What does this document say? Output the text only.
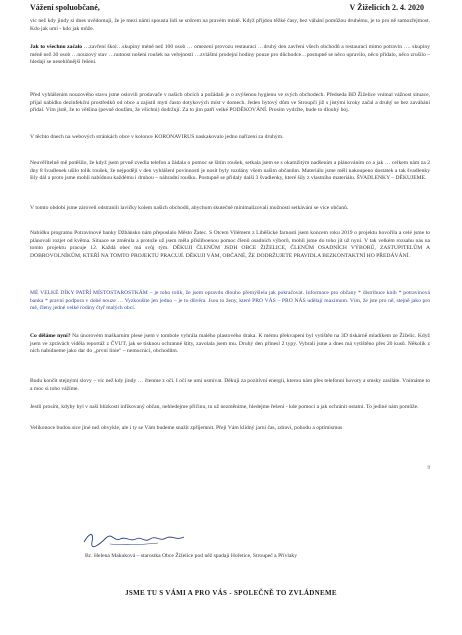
Vážení spoluobčané,	V Žiželicích 2. 4. 2020
víc než kdy jindy si dnes uvědomuji, že je mezi námi spousta lidí se srdcem na pravém místě. Když přijdou těžké časy, bez váhání pomůžou druhému, je to pro ně samozřejmost. Kdo jak umí - kdo jak může.
Jak to všechno začalo …zavření škol…skupiny méně než 100 osob … omezení provozu restaurací …druhý den zavření všech obchodů a restaurací mimo potravin …. skupiny méně než 30 osob …nouzový stav …nutnost nošení roušek na veřejnosti …zvláštní prodejní hodiny pouze pro důchodce…postupně se něco upravilo, něco přidalo, něco zrušilo – hledají se nesehlůnější řešení.
Před vyhlášením nouzového stavu jsme oslovili prodavače v našich obcích a požádali je o zvýšenou hygienu ve svých obchodech. Předseda BD Žiželice vnímal vážnost situace, přijal nabídku dezinfekční prostředků od obce a zajistil mytí často dotykových míst v domech. Jeden bytový dům ve Stroupči již s jistými kroky začal a druhý se bez zaváhání přidal. Vím jistě, že to většina (pevně doufám, že všichni) dodržují. Za to jim patří velké PODĚKOVÁNÍ. Prosím vydržte, bude to dlouhý boj.
V těchto dnech na webových stránkách obce v kolonce KORONAVIRUS naskakovalo jedno nařízení za druhým.
Neuvěřitelně mě potěšilo, že když jsem prvně zvedla telefon a žádala o pomoc se šitím roušek, setkala jsem se s okamžitým nadšením a plánováním co a jak … celkem nám za 2 dny 8 švadlenek ušilo tolik roušek, že nejpodějí v den vyhlášení povinnosti je nosit byly rozdány všem našim občanům. Materiálu jsme měli nakoupeno dostatek a tak švadlenky šily dál a proto jsme mohli nabídnou každému i druhou – náhradní roušku. Postupně se přidaly další 3 švadlenky, které šily z vlastního materiálu. ŠVADLENKY – DĚKUJEME.
V tomto období jsme zároveň odstranili lavičky kolem našich obchodů, abychom skutečně minimalizovali možnosti setkávání se více občanů.
Nabídku programu Potravinové banky Džbánsko nám přeposlalo Město Žatec. S Otcem Vilémem z Liběšické farnosti jsem koncem roku 2019 o projektu hovořila a celé jsme to plánovali rozjet od května. Situace se změnila a protože už jsem měla přisliboenou pomoc členů osadních výborů, mohli jsme do toho jít už nyní. V tak velkém rozsahu nás na tomto projektu pracuje 12. Každá obec má svůj tým. DĚKUJI ČLENŮM JSDH OBCE ŽIŽELICE, ČLENŮM OSADNÍCH VÝBORŮ, ZASTUPITELŮM A DOBROVOLNÍKŮM, KTEŘÍ NA TOMTO PROJEKTU PRACUJÍ. DĚKUJI VÁM, OBČANÉ, ŽE DODRŽUJETE PRAVIDLA BEZKONTAKTNÍ HO PŘEDÁVÁNÍ.
MÉ VELKÉ DÍKY PATŘÍ MÍSTOSTAROSTKÁM – je toho tolik, že jsem opravdu dlouho přemýšlela jak pokračovat. Informace pro občany * distribuce knih * potravinová banka * pravní podpora v dobé nouze … Vyzkoušíte jen jedno – je to důvěra. Jsou to ženy, které PRO VÁS – PRO NÁS udělají maximum. Vím, že jste pro ně, stejně jako pro mě, členy jedné velké rodiny čtyř malých obcí.
Co děláme nyní? Na únorovém maškarním plese jsem v tombole vyhrála malého plastového draka. K mému překvapení byl vytištěn na 3D tiskárně mladíkem ze Žiželic. Když jsem ve zprávách viděla reportáž z ČVUT, jak se tisknou ochranné štíty, zavolala jsem mu. Druhý den přinesl 2 typy. Vybrali jsme a dnes má vytištěno přes 20 kusů. Několik z nich nabídneme jako dar do „první linie" – nemocnici, obchodům.
Budu končit stejnými slovy – víc než kdy jindy … čtenme z očí. I očí se umí usmívat. Děkuji za pozitivní energii, kterou nám přes telefonní hovory a smsky zasíláte. Vnímáme to a moc si toho vážíme.
Jestli prosím, kdyby byl v naší blízkosti infikovaný občan, nehledejme příčinu, tu už nezměníme, hledejme řešení - kde pomoci a jak ochránit ostatní. To jediné nám pomůže.
Velikonoce budou sice jiné než obvykle, ale i ty se Vám budeme snažit zpříjemnit. Přeji Vám klidný jarní čas, zdraví, pohodu a optimismus
9
Bc. Helena Makuková – starostka Obce Žiželice pod něž spadají Hořetice, Stroupeč a Přívlaky
JSME TU S VÁMI A PRO VÁS - SPOLEČNĚ TO ZVLÁDNEME
